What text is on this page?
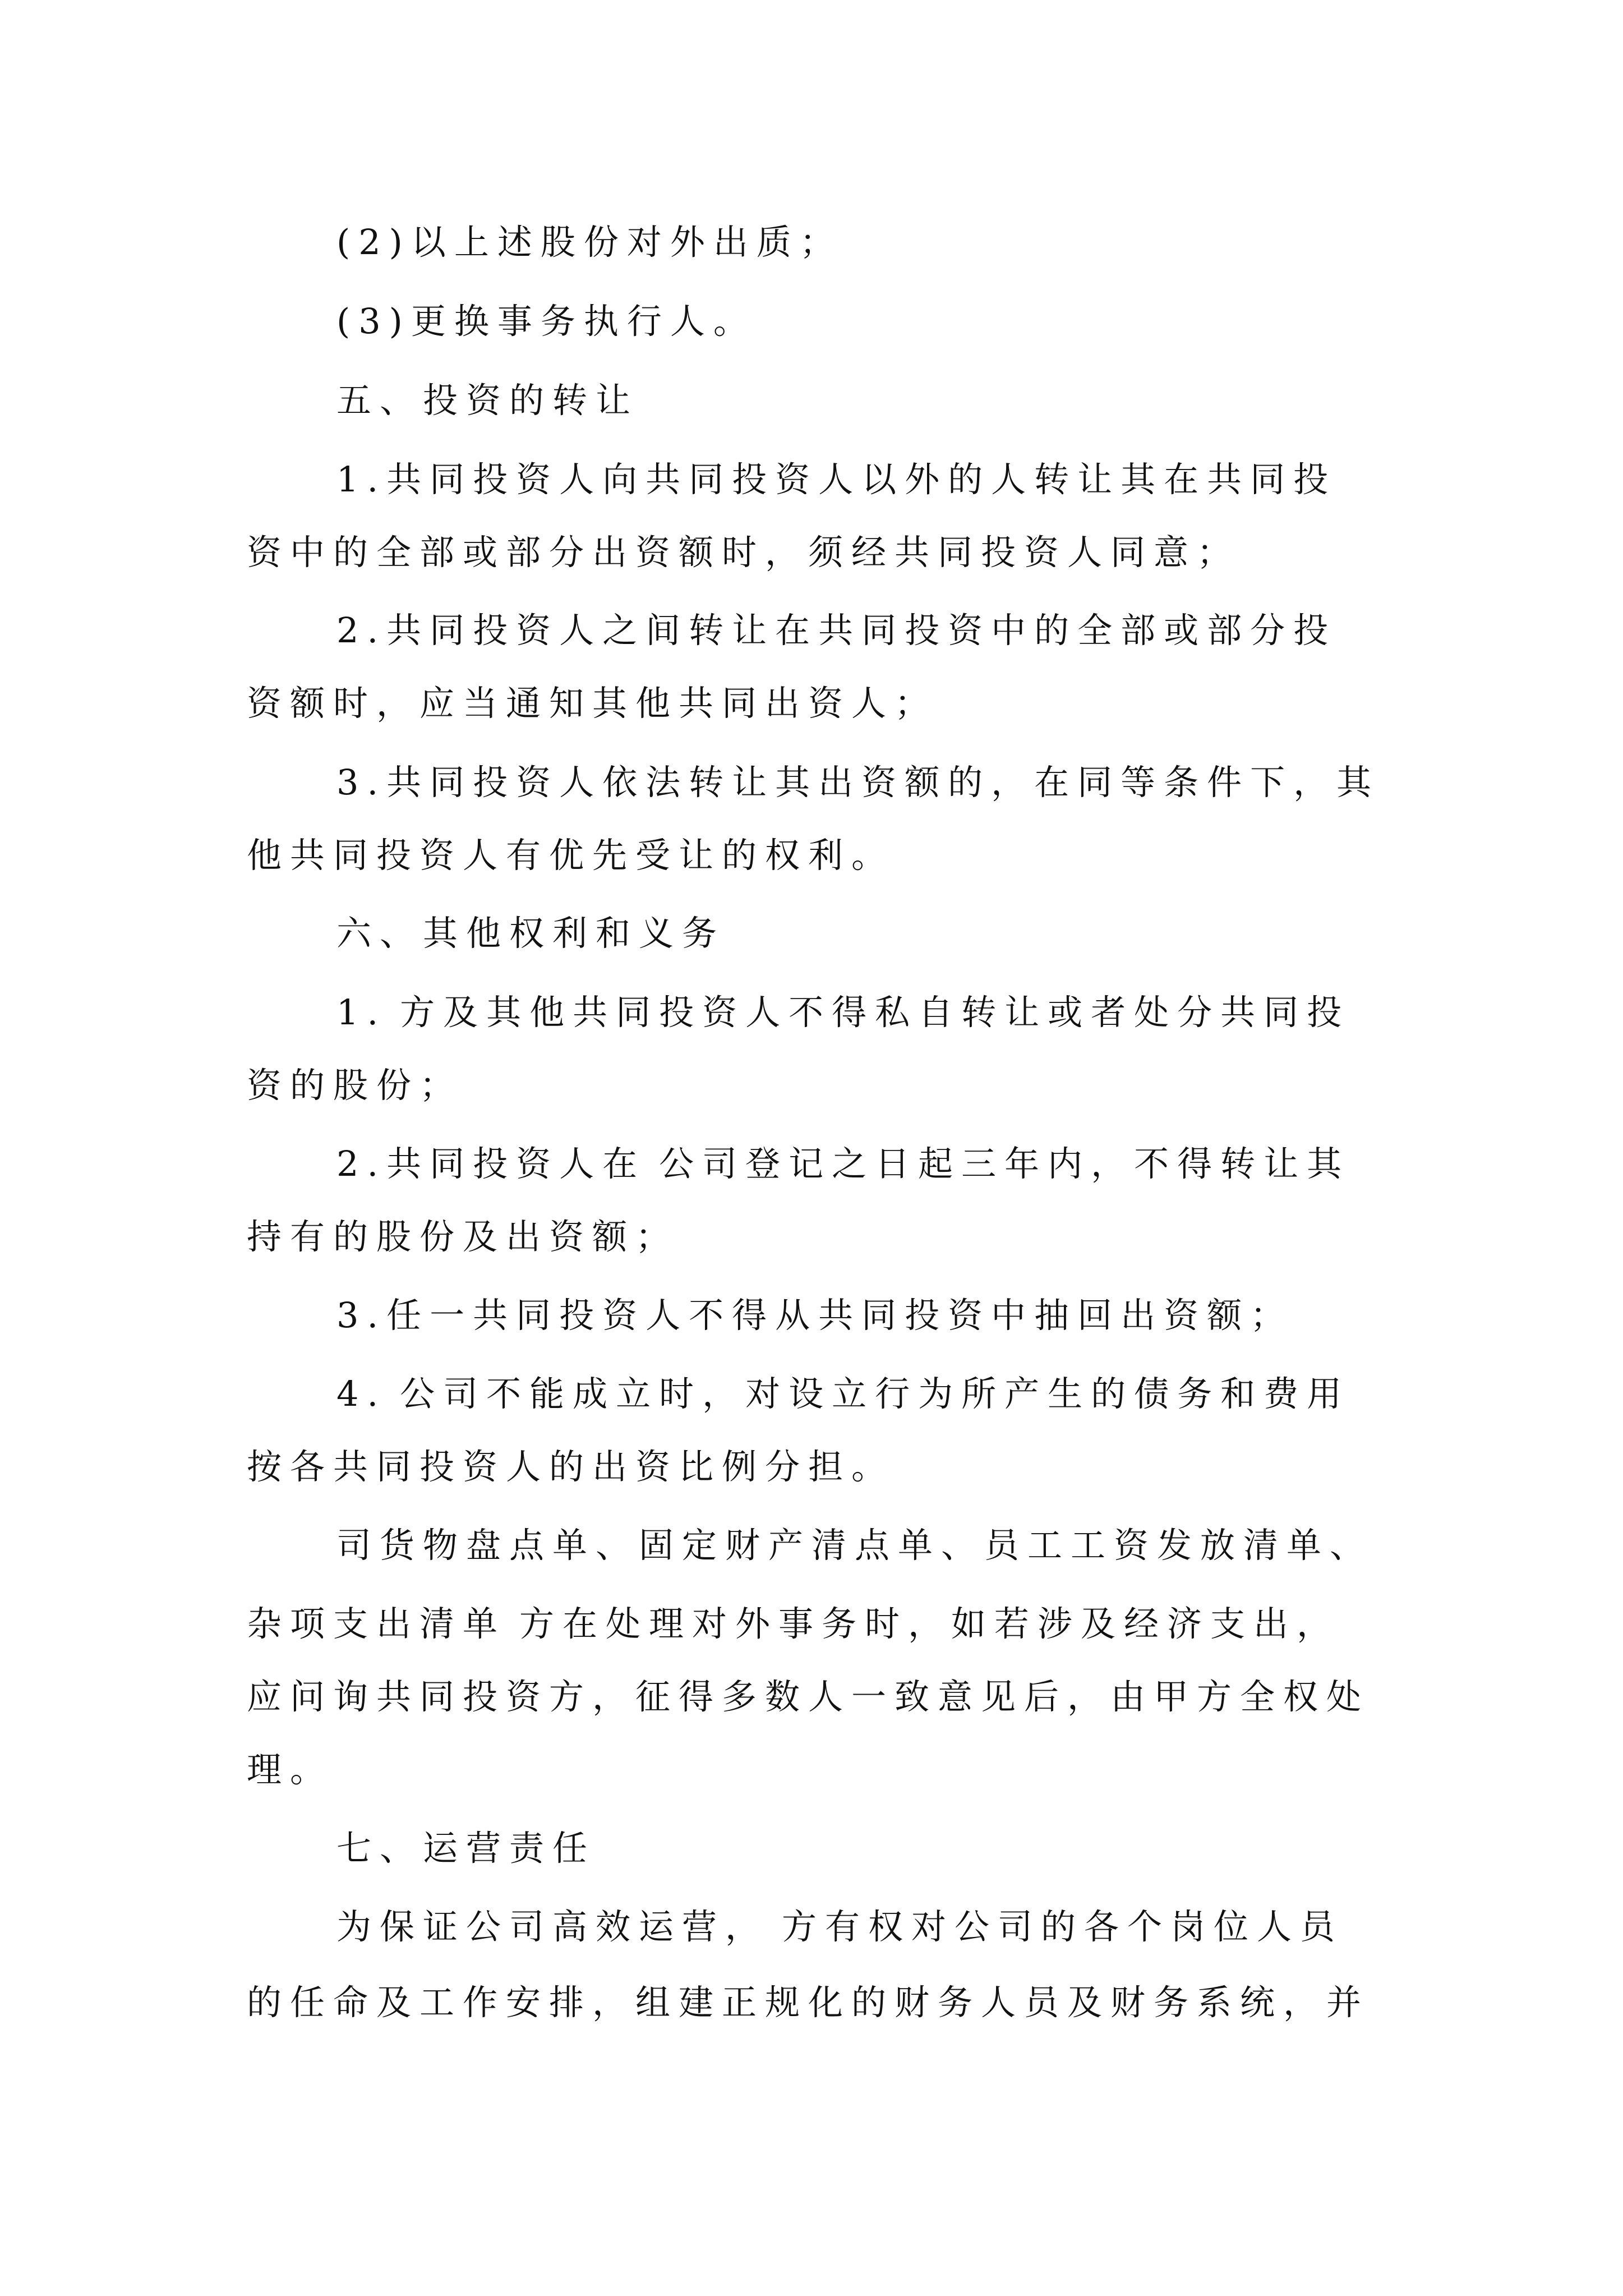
(2)以上述股份对外出质；
(3)更换事务执行人。
五、投资的转让
1.共同投资人向共同投资人以外的人转让其在共同投
资中的全部或部分出资额时，须经共同投资人同意；
2.共同投资人之间转让在共同投资中的全部或部分投
资额时，应当通知其他共同出资人；
3.共同投资人依法转让其出资额的，在同等条件下，其
他共同投资人有优先受让的权利。
六、其他权利和义务
1. 方及其他共同投资人不得私自转让或者处分共同投
资的股份；
2.共同投资人在 公司登记之日起三年内，不得转让其
持有的股份及出资额；
3.任一共同投资人不得从共同投资中抽回出资额；
4. 公司不能成立时，对设立行为所产生的债务和费用
按各共同投资人的出资比例分担。
司货物盘点单、固定财产清点单、员工工资发放清单、
杂项支出清单 方在处理对外事务时，如若涉及经济支出，
应问询共同投资方，征得多数人一致意见后，由甲方全权处
理。
七、运营责任
为保证公司高效运营， 方有权对公司的各个岗位人员
的任命及工作安排，组建正规化的财务人员及财务系统，并
